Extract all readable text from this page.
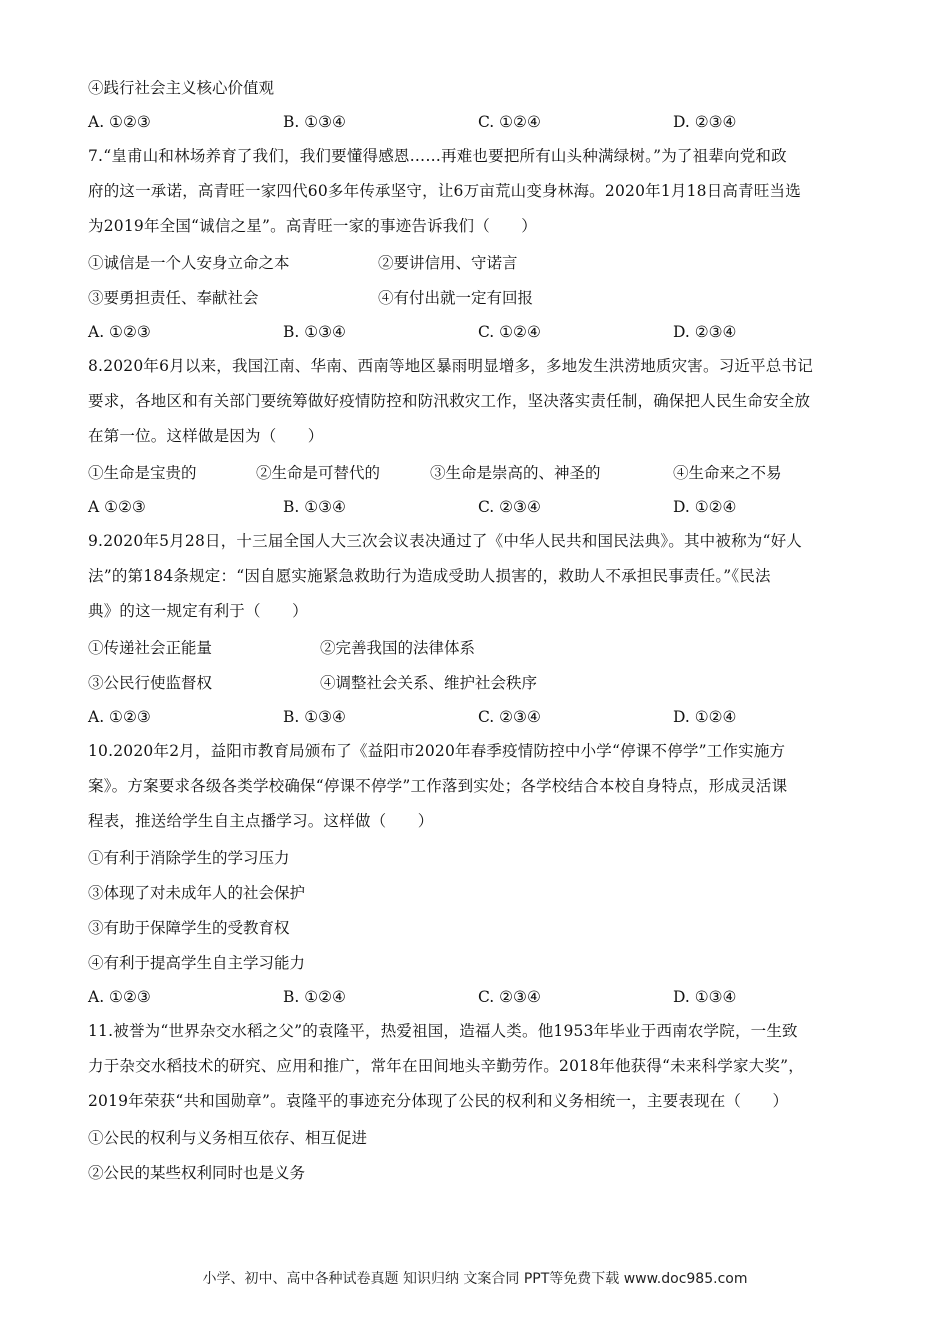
④践行社会主义核心价值观
A. ①②③	B. ①③④	C. ①②④	D. ②③④

7.“皇甫山和林场养育了我们，我们要懂得感恩……再难也要把所有山头种满绿树。”为了祖辈向党和政

府的这一承诺，高青旺一家四代60多年传承坚守，让6万亩荒山变身林海。2020年1月18日高青旺当选

为2019年全国“诚信之星”。高青旺一家的事迹告诉我们（　　）

①诚信是一个人安身立命之本	②要讲信用、守诺言
③要勇担责任、奉献社会	④有付出就一定有回报
A. ①②③	B. ①③④	C. ①②④	D. ②③④

8.2020年6月以来，我国江南、华南、西南等地区暴雨明显增多，多地发生洪涝地质灾害。习近平总书记

要求，各地区和有关部门要统筹做好疫情防控和防汛救灾工作，坚决落实责任制，确保把人民生命安全放

在第一位。这样做是因为（　　）

①生命是宝贵的	②生命是可替代的	③生命是崇高的、神圣的	④生命来之不易
A ①②③	B. ①③④	C. ②③④	D. ①②④

9.2020年5月28日，十三届全国人大三次会议表决通过了《中华人民共和国民法典》。其中被称为“好人

法”的第184条规定：“因自愿实施紧急救助行为造成受助人损害的，救助人不承担民事责任。”《民法

典》的这一规定有利于（　　）

①传递社会正能量	②完善我国的法律体系
③公民行使监督权	④调整社会关系、维护社会秩序
A. ①②③	B. ①③④	C. ②③④	D. ①②④

10.2020年2月，益阳市教育局颁布了《益阳市2020年春季疫情防控中小学“停课不停学”工作实施方

案》。方案要求各级各类学校确保“停课不停学”工作落到实处；各学校结合本校自身特点，形成灵活课

程表，推送给学生自主点播学习。这样做（　　）

①有利于消除学生的学习压力
③体现了对未成年人的社会保护
③有助于保障学生的受教育权
④有利于提高学生自主学习能力
A. ①②③	B. ①②④	C. ②③④	D. ①③④

11.被誉为“世界杂交水稻之父”的袁隆平，热爱祖国，造福人类。他1953年毕业于西南农学院，一生致

力于杂交水稻技术的研究、应用和推广，常年在田间地头辛勤劳作。2018年他获得“未来科学家大奖”，

2019年荣获“共和国勋章”。袁隆平的事迹充分体现了公民的权利和义务相统一，主要表现在（　　）

①公民的权利与义务相互依存、相互促进
②公民的某些权利同时也是义务
小学、初中、高中各种试卷真题 知识归纳 文案合同 PPT等免费下载 www.doc985.com
